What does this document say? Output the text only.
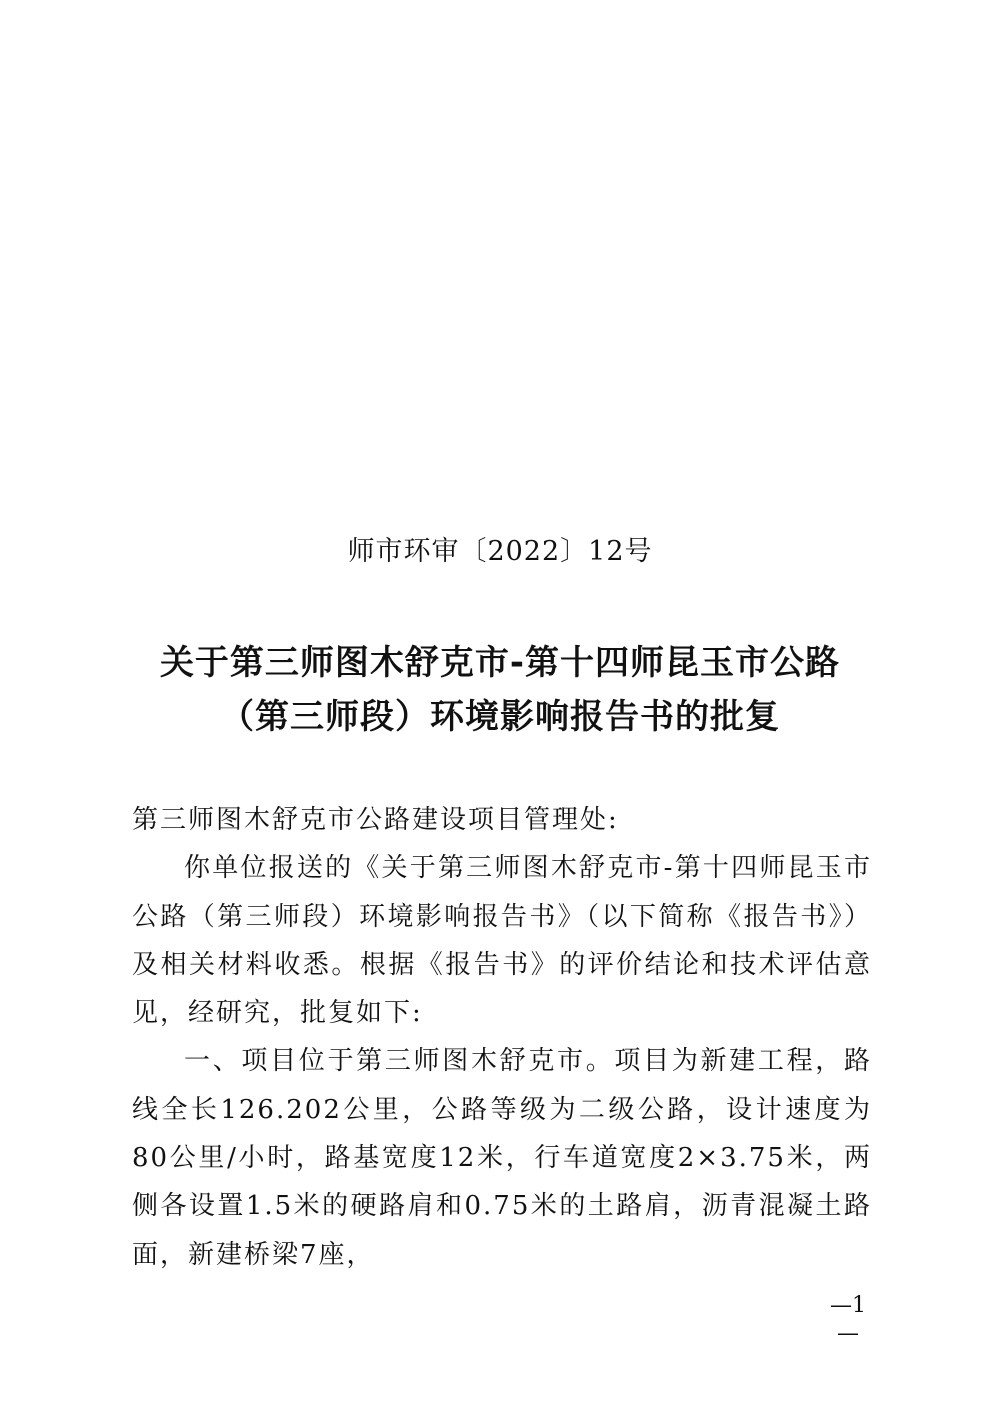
师市环审〔2022〕12号
关于第三师图木舒克市-第十四师昆玉市公路
（第三师段）环境影响报告书的批复

第三师图木舒克市公路建设项目管理处:

你单位报送的《关于第三师图木舒克市-第十四师昆玉市公路（第三师段）环境影响报告书》（以下简称《报告书》）及相关材料收悉。根据《报告书》的评价结论和技术评估意见，经研究，批复如下:

一、项目位于第三师图木舒克市。项目为新建工程，路线全长126.202公里，公路等级为二级公路，设计速度为80公里/小时，路基宽度12米，行车道宽度2×3.75米，两侧各设置1.5米的硬路肩和0.75米的土路肩，沥青混凝土路面，新建桥梁7座，

—1—
